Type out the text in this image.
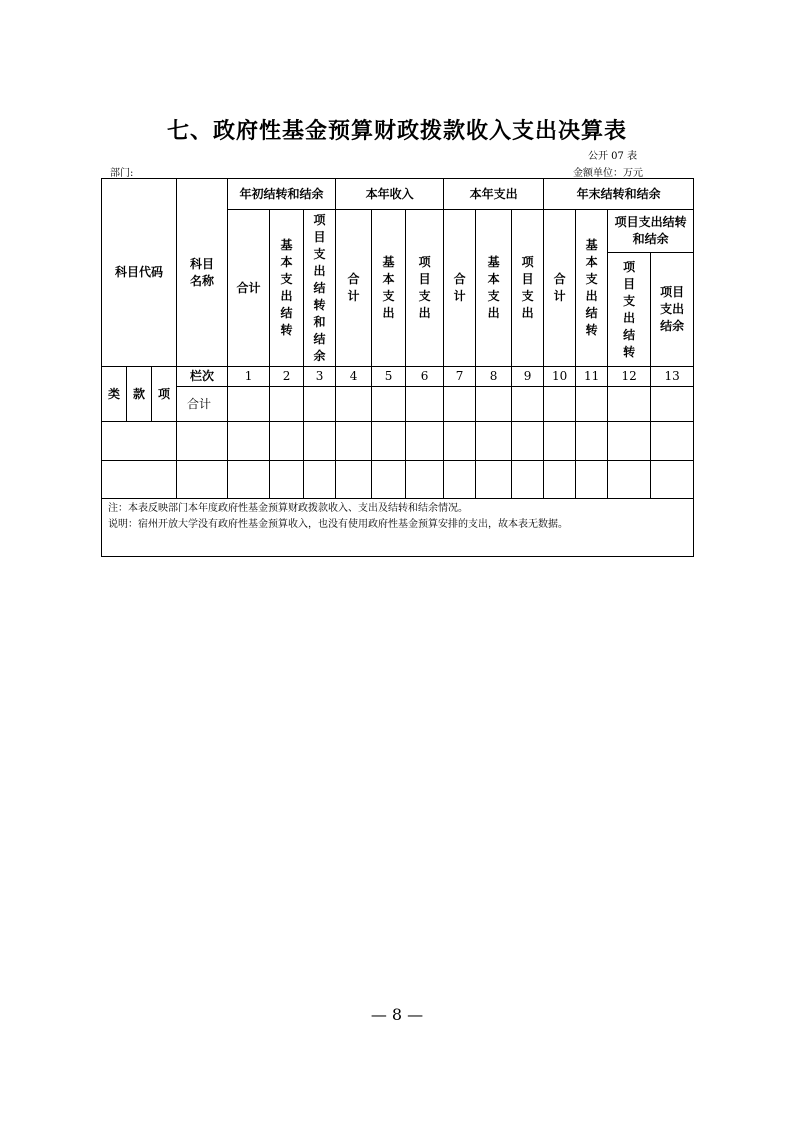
七、政府性基金预算财政拨款收入支出决算表
公开 07 表
部门:	金额单位：万元
科目代码			科目名称	年初结转和结余			本年收入			本年支出			年末结转和结余			
				合计	基本支出结转	项目支出结转和结余	合计	基本支出	项目支出	合计	基本支出	项目支出	合计	基本支出结转	项目支出结转和结余	
															项目支出结转	项目支出结余
类	款	项	栏次	1	2	3	4	5	6	7	8	9	10	11	12	13
			合计													

注：本表反映部门本年度政府性基金预算财政拨款收入、支出及结转和结余情况。
说明：宿州开放大学没有政府性基金预算收入，也没有使用政府性基金预算安排的支出，故本表无数据。																
— 8 —
